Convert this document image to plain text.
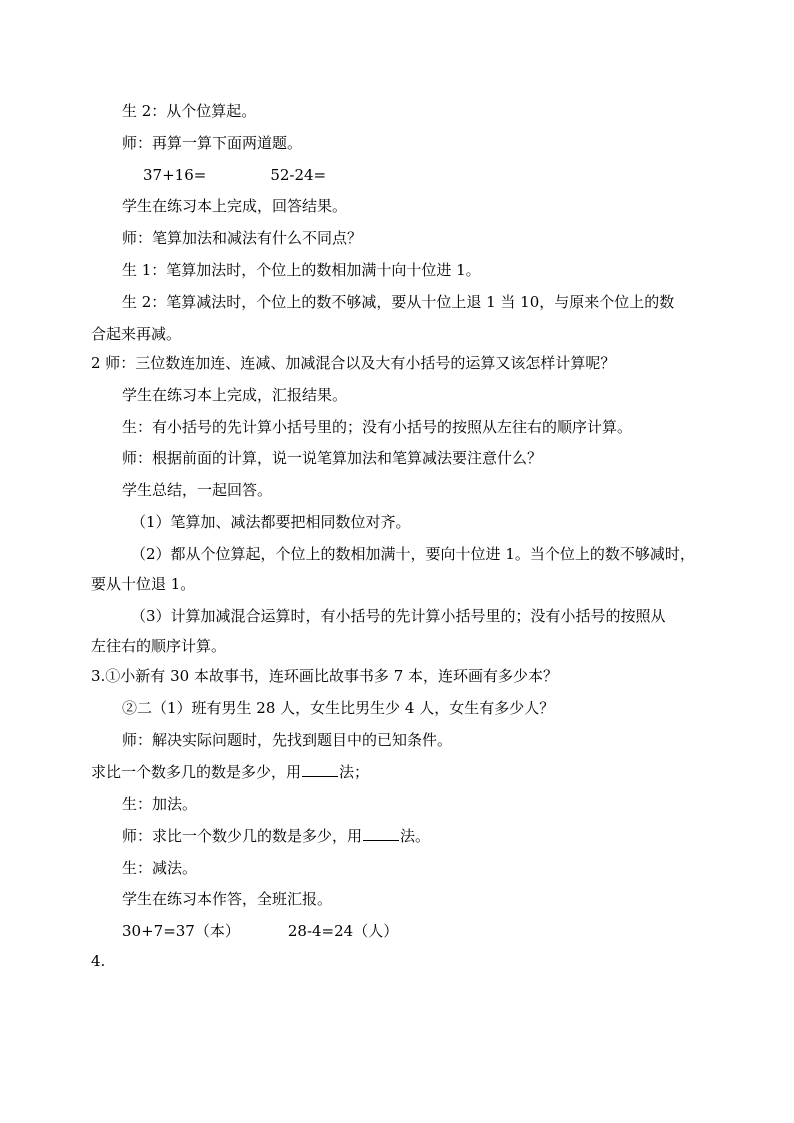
生 2：从个位算起。
师：再算一算下面两道题。
37+16=	52-24=
学生在练习本上完成，回答结果。
师：笔算加法和减法有什么不同点？
生 1：笔算加法时，个位上的数相加满十向十位进 1。
生 2：笔算减法时，个位上的数不够减，要从十位上退 1 当 10，与原来个位上的数
合起来再减。
2 师：三位数连加连、连减、加减混合以及大有小括号的运算又该怎样计算呢？
学生在练习本上完成，汇报结果。
生：有小括号的先计算小括号里的；没有小括号的按照从左往右的顺序计算。
师：根据前面的计算，说一说笔算加法和笔算减法要注意什么？
学生总结，一起回答。
（1）笔算加、减法都要把相同数位对齐。
（2）都从个位算起，个位上的数相加满十，要向十位进 1。当个位上的数不够减时，
要从十位退 1。
（3）计算加减混合运算时，有小括号的先计算小括号里的；没有小括号的按照从
左往右的顺序计算。
3.①小新有 30 本故事书，连环画比故事书多 7 本，连环画有多少本？
②二（1）班有男生 28 人，女生比男生少 4 人，女生有多少人？
师：解决实际问题时，先找到题目中的已知条件。
求比一个数多几的数是多少，用	法；
生：加法。
师：求比一个数少几的数是多少，用	法。
生：减法。
学生在练习本作答，全班汇报。
30+7=37（本）	28-4=24（人）
4.
